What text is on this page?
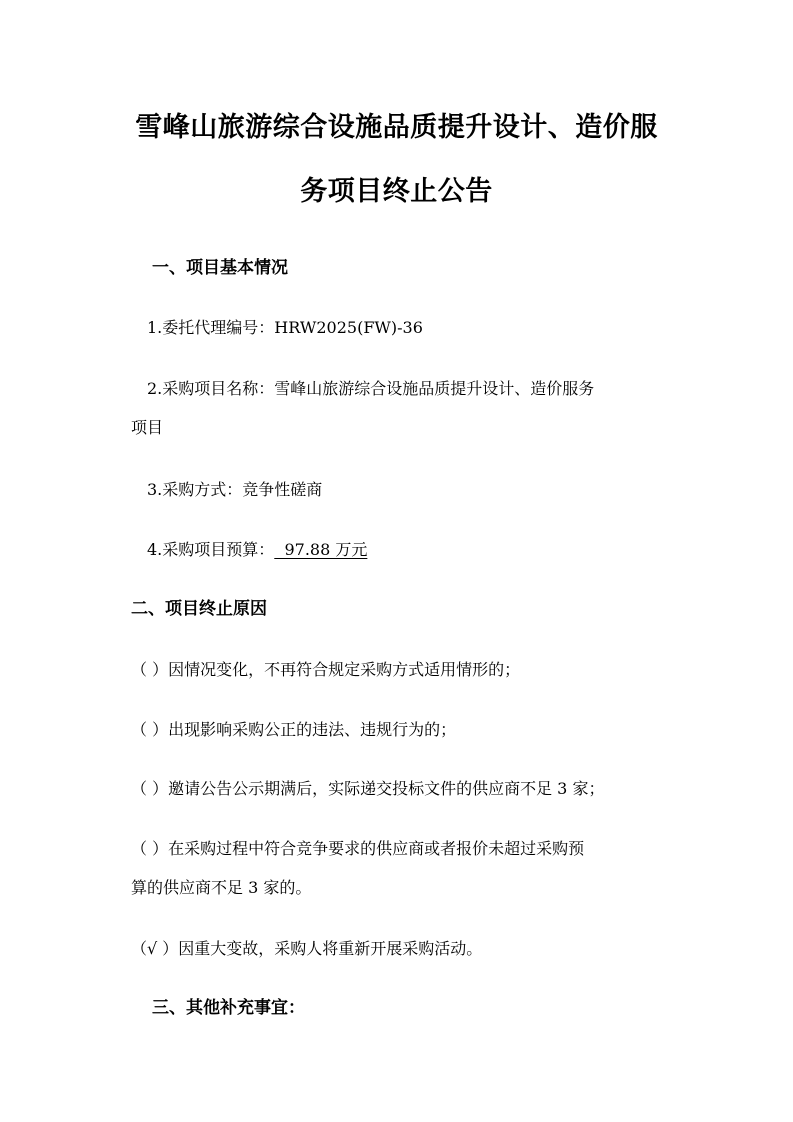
雪峰山旅游综合设施品质提升设计、造价服
务项目终止公告
一、项目基本情况
1.委托代理编号：HRW2025(FW)-36
2.采购项目名称：雪峰山旅游综合设施品质提升设计、造价服务
项目
3.采购方式：竞争性磋商
4.采购项目预算：  97.88 万元
二、项目终止原因
（ ）因情况变化，不再符合规定采购方式适用情形的；
（ ）出现影响采购公正的违法、违规行为的；
（ ）邀请公告公示期满后，实际递交投标文件的供应商不足 3 家；
（ ）在采购过程中符合竞争要求的供应商或者报价未超过采购预
算的供应商不足 3 家的。
（√ ）因重大变故，采购人将重新开展采购活动。
三、其他补充事宜：
